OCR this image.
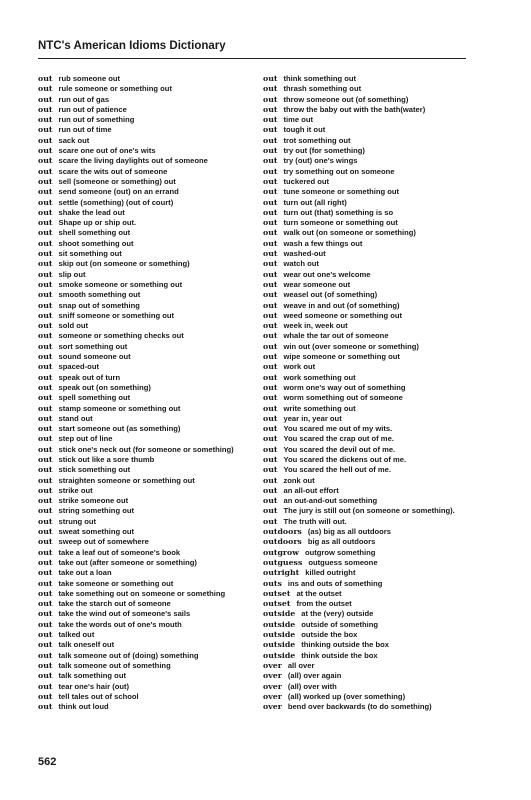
NTC's American Idioms Dictionary
out rub someone out
out rule someone or something out
out run out of gas
out run out of patience
out run out of something
out run out of time
out sack out
out scare one out of one's wits
out scare the living daylights out of someone
out scare the wits out of someone
out sell (someone or something) out
out send someone (out) on an errand
out settle (something) (out of court)
out shake the lead out
out Shape up or ship out.
out shell something out
out shoot something out
out sit something out
out skip out (on someone or something)
out slip out
out smoke someone or something out
out smooth something out
out snap out of something
out sniff someone or something out
out sold out
out someone or something checks out
out sort something out
out sound someone out
out spaced-out
out speak out of turn
out speak out (on something)
out spell something out
out stamp someone or something out
out stand out
out start someone out (as something)
out step out of line
out stick one's neck out (for someone or something)
out stick out like a sore thumb
out stick something out
out straighten someone or something out
out strike out
out strike someone out
out string something out
out strung out
out sweat something out
out sweep out of somewhere
out take a leaf out of someone's book
out take out (after someone or something)
out take out a loan
out take someone or something out
out take something out on someone or something
out take the starch out of someone
out take the wind out of someone's sails
out take the words out of one's mouth
out talked out
out talk oneself out
out talk someone out of (doing) something
out talk someone out of something
out talk something out
out tear one's hair (out)
out tell tales out of school
out think out loud
out think something out
out thrash something out
out throw someone out (of something)
out throw the baby out with the bath(water)
out time out
out tough it out
out trot something out
out try out (for something)
out try (out) one's wings
out try something out on someone
out tuckered out
out tune someone or something out
out turn out (all right)
out turn out (that) something is so
out turn someone or something out
out walk out (on someone or something)
out wash a few things out
out washed-out
out watch out
out wear out one's welcome
out wear someone out
out weasel out (of something)
out weave in and out (of something)
out weed someone or something out
out week in, week out
out whale the tar out of someone
out win out (over someone or something)
out wipe someone or something out
out work out
out work something out
out worm one's way out of something
out worm something out of someone
out write something out
out year in, year out
out You scared me out of my wits.
out You scared the crap out of me.
out You scared the devil out of me.
out You scared the dickens out of me.
out You scared the hell out of me.
out zonk out
out an all-out effort
out an out-and-out something
out The jury is still out (on someone or something).
out The truth will out.
outdoors (as) big as all outdoors
outdoors big as all outdoors
outgrow outgrow something
outguess outguess someone
outright killed outright
outs ins and outs of something
outset at the outset
outset from the outset
outside at the (very) outside
outside outside of something
outside outside the box
outside thinking outside the box
outside think outside the box
over all over
over (all) over again
over (all) over with
over (all) worked up (over something)
over bend over backwards (to do something)
562
